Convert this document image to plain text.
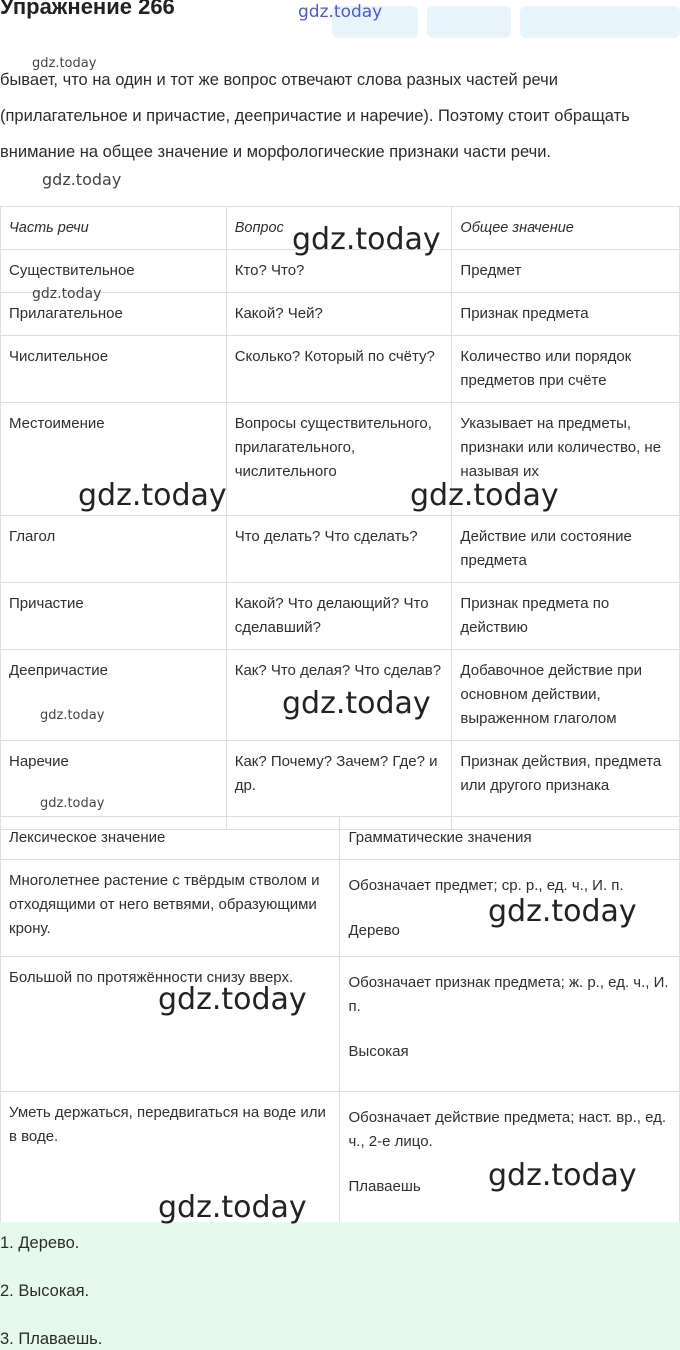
Упражнение 266
бывает, что на один и тот же вопрос отвечают слова разных частей речи (прилагательное и причастие, деепричастие и наречие). Поэтому стоит обращать внимание на общее значение и морфологические признаки части речи.
Часть речи	Вопрос	Общее значение
Существительное	Кто? Что?	Предмет
Прилагательное	Какой? Чей?	Признак предмета
Числительное	Сколько? Который по счёту?	Количество или порядок предметов при счёте
Местоимение	Вопросы существительного, прилагательного, числительного	Указывает на предметы, признаки или количество, не называя их
Глагол	Что делать? Что сделать?	Действие или состояние предмета
Причастие	Какой? Что делающий? Что сделавший?	Признак предмета по действию
Деепричастие	Как? Что делая? Что сделав?	Добавочное действие при основном действии, выраженном глаголом
Наречие	Как? Почему? Зачем? Где? и др.	Признак действия, предмета или другого признака
Лексическое значение	Грамматические значения
Многолетнее растение с твёрдым стволом и отходящими от него ветвями, образующими крону.	Обозначает предмет; ср. р., ед. ч., И. п.

Дерево

Большой по протяжённости снизу вверх.	Обозначает признак предмета; ж. р., ед. ч., И. п.

Высокая

Уметь держаться, передвигаться на воде или в воде.	Обозначает действие предмета; наст. вр., ед. ч., 2-е лицо.

Плаваешь

1. Дерево.
2. Высокая.
3. Плаваешь.
gdz.today
gdz.today
gdz.today
gdz.today
gdz.today
gdz.today	gdz.today
gdz.today
gdz.today
gdz.today
gdz.today
gdz.today
gdz.today
gdz.today
